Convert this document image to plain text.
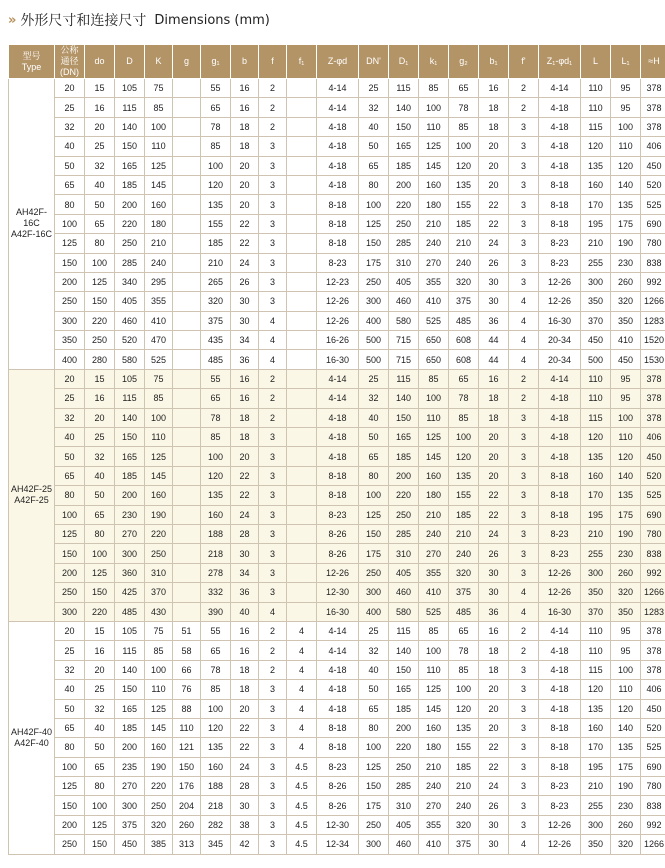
» 外形尺寸和连接尺寸 Dimensions (mm)
型号
Type	公称
通径
(DN)	do	D	K	g	g₁	b	f	f₁	Z-φd	DN'	D₁	k₁	g₂	b₁	f'	Z₁-φd₁	L	L₁	≈H
AH42F-16C
A42F-16C	20	15	105	75		55	16	2		4-14	25	115	85	65	16	2	4-14	110	95	378
	25	16	115	85		65	16	2		4-14	32	140	100	78	18	2	4-18	110	95	378
	32	20	140	100		78	18	2		4-18	40	150	110	85	18	3	4-18	115	100	378
	40	25	150	110		85	18	3		4-18	50	165	125	100	20	3	4-18	120	110	406
	50	32	165	125		100	20	3		4-18	65	185	145	120	20	3	4-18	135	120	450
	65	40	185	145		120	20	3		4-18	80	200	160	135	20	3	8-18	160	140	520
	80	50	200	160		135	20	3		8-18	100	220	180	155	22	3	8-18	170	135	525
	100	65	220	180		155	22	3		8-18	125	250	210	185	22	3	8-18	195	175	690
	125	80	250	210		185	22	3		8-18	150	285	240	210	24	3	8-23	210	190	780
	150	100	285	240		210	24	3		8-23	175	310	270	240	26	3	8-23	255	230	838
	200	125	340	295		265	26	3		12-23	250	405	355	320	30	3	12-26	300	260	992
	250	150	405	355		320	30	3		12-26	300	460	410	375	30	4	12-26	350	320	1266
	300	220	460	410		375	30	4		12-26	400	580	525	485	36	4	16-30	370	350	1283
	350	250	520	470		435	34	4		16-26	500	715	650	608	44	4	20-34	450	410	1520
	400	280	580	525		485	36	4		16-30	500	715	650	608	44	4	20-34	500	450	1530
AH42F-25
A42F-25	20	15	105	75		55	16	2		4-14	25	115	85	65	16	2	4-14	110	95	378
	25	16	115	85		65	16	2		4-14	32	140	100	78	18	2	4-18	110	95	378
	32	20	140	100		78	18	2		4-18	40	150	110	85	18	3	4-18	115	100	378
	40	25	150	110		85	18	3		4-18	50	165	125	100	20	3	4-18	120	110	406
	50	32	165	125		100	20	3		4-18	65	185	145	120	20	3	4-18	135	120	450
	65	40	185	145		120	22	3		8-18	80	200	160	135	20	3	8-18	160	140	520
	80	50	200	160		135	22	3		8-18	100	220	180	155	22	3	8-18	170	135	525
	100	65	230	190		160	24	3		8-23	125	250	210	185	22	3	8-18	195	175	690
	125	80	270	220		188	28	3		8-26	150	285	240	210	24	3	8-23	210	190	780
	150	100	300	250		218	30	3		8-26	175	310	270	240	26	3	8-23	255	230	838
	200	125	360	310		278	34	3		12-26	250	405	355	320	30	3	12-26	300	260	992
	250	150	425	370		332	36	3		12-30	300	460	410	375	30	4	12-26	350	320	1266
	300	220	485	430		390	40	4		16-30	400	580	525	485	36	4	16-30	370	350	1283
AH42F-40
A42F-40	20	15	105	75	51	55	16	2	4	4-14	25	115	85	65	16	2	4-14	110	95	378
	25	16	115	85	58	65	16	2	4	4-14	32	140	100	78	18	2	4-18	110	95	378
	32	20	140	100	66	78	18	2	4	4-18	40	150	110	85	18	3	4-18	115	100	378
	40	25	150	110	76	85	18	3	4	4-18	50	165	125	100	20	3	4-18	120	110	406
	50	32	165	125	88	100	20	3	4	4-18	65	185	145	120	20	3	4-18	135	120	450
	65	40	185	145	110	120	22	3	4	8-18	80	200	160	135	20	3	8-18	160	140	520
	80	50	200	160	121	135	22	3	4	8-18	100	220	180	155	22	3	8-18	170	135	525
	100	65	235	190	150	160	24	3	4.5	8-23	125	250	210	185	22	3	8-18	195	175	690
	125	80	270	220	176	188	28	3	4.5	8-26	150	285	240	210	24	3	8-23	210	190	780
	150	100	300	250	204	218	30	3	4.5	8-26	175	310	270	240	26	3	8-23	255	230	838
	200	125	375	320	260	282	38	3	4.5	12-30	250	405	355	320	30	3	12-26	300	260	992
	250	150	450	385	313	345	42	3	4.5	12-34	300	460	410	375	30	4	12-26	350	320	1266
